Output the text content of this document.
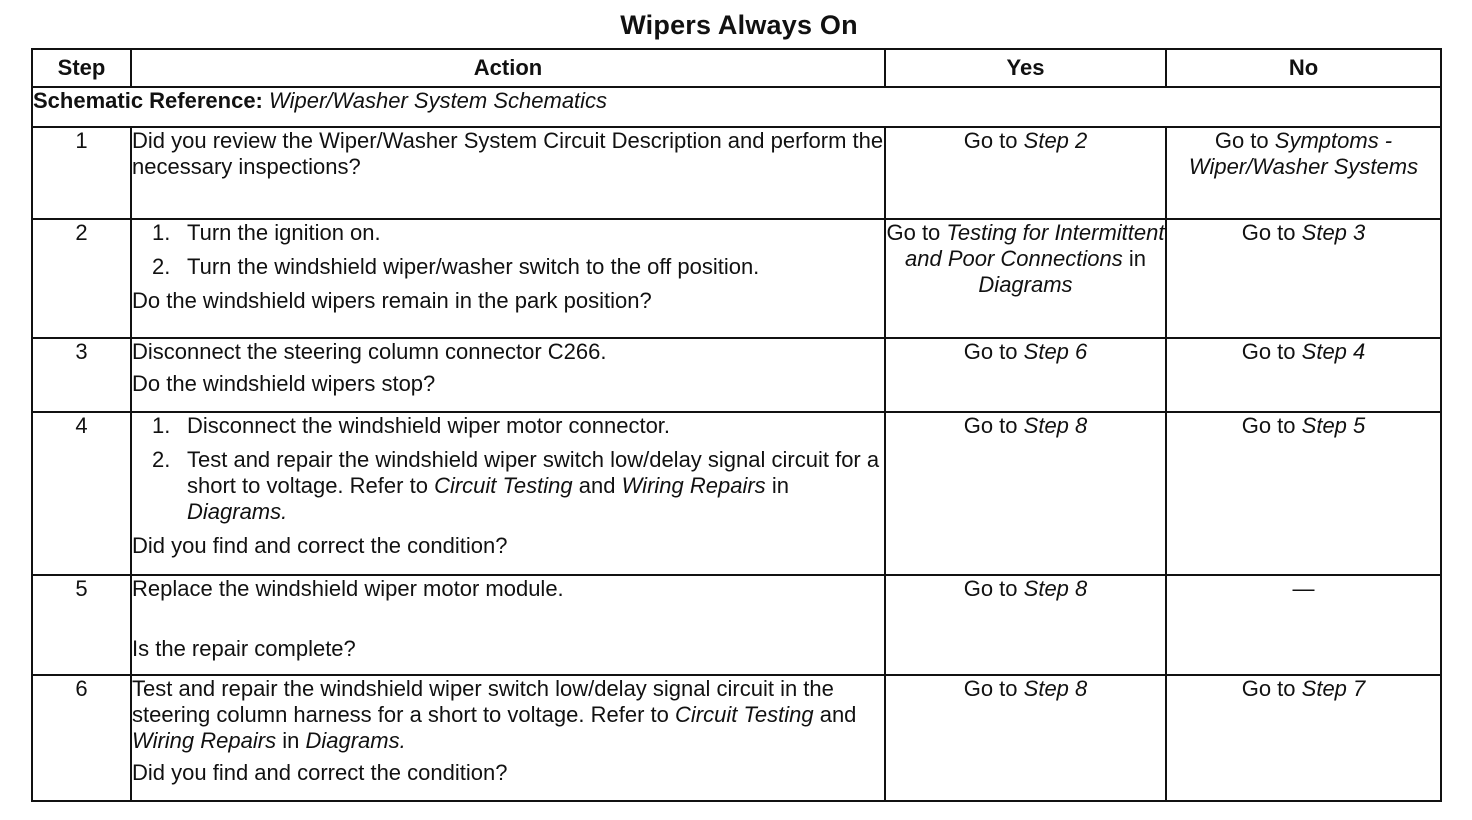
Wipers Always On
Step	Action	Yes	No
Schematic Reference: Wiper/Washer System Schematics			
1	Did you review the Wiper/Washer System Circuit Description and perform the necessary inspections?	Go to Step 2	Go to Symptoms - Wiper/Washer Systems
2	1. Turn the ignition on.
2. Turn the windshield wiper/washer switch to the off position.
Do the windshield wipers remain in the park position?	Go to Testing for Intermittent and Poor Connections in Diagrams	Go to Step 3
3	Disconnect the steering column connector C266.
Do the windshield wipers stop?	Go to Step 6	Go to Step 4
4	1. Disconnect the windshield wiper motor connector.
2. Test and repair the windshield wiper switch low/delay signal circuit for a short to voltage. Refer to Circuit Testing and Wiring Repairs in Diagrams.
Did you find and correct the condition?	Go to Step 8	Go to Step 5
5	Replace the windshield wiper motor module.
Is the repair complete?	Go to Step 8	—
6	Test and repair the windshield wiper switch low/delay signal circuit in the steering column harness for a short to voltage. Refer to Circuit Testing and Wiring Repairs in Diagrams.
Did you find and correct the condition?	Go to Step 8	Go to Step 7
